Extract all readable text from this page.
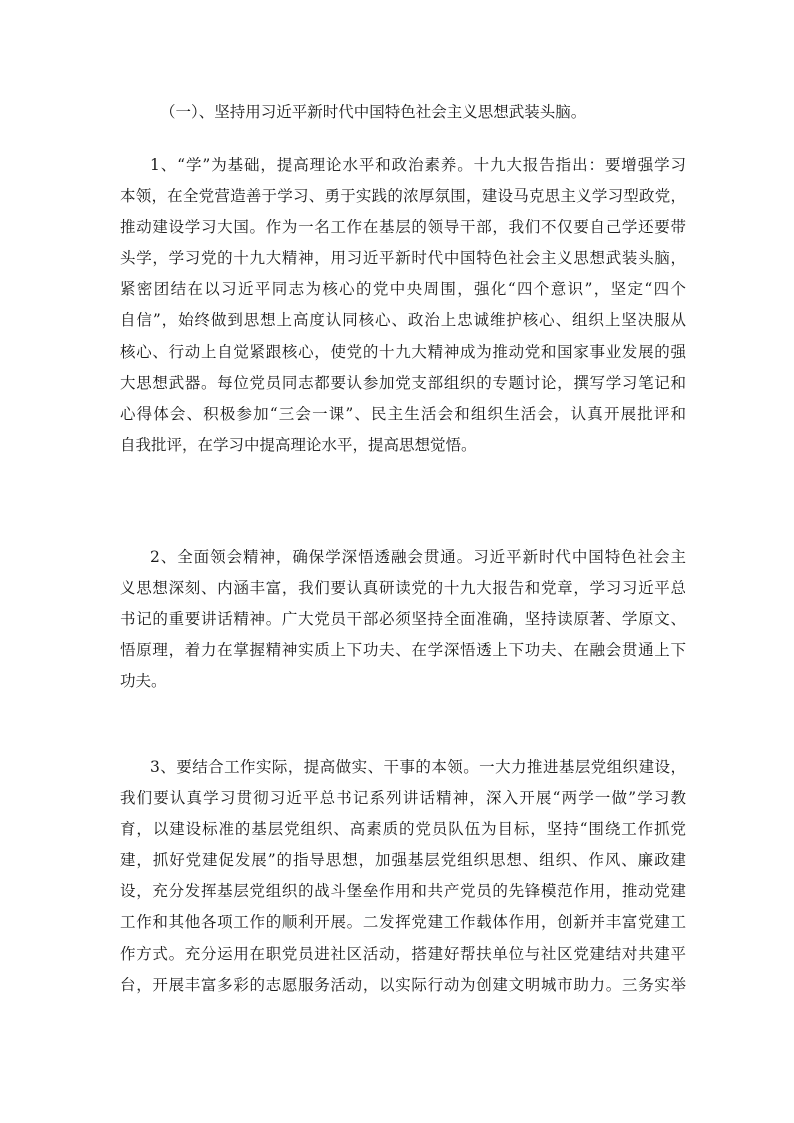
（一）、坚持用习近平新时代中国特色社会主义思想武装头脑。
1、“学”为基础，提高理论水平和政治素养。十九大报告指出：要增强学习
本领，在全党营造善于学习、勇于实践的浓厚氛围，建设马克思主义学习型政党，
推动建设学习大国。作为一名工作在基层的领导干部，我们不仅要自己学还要带
头学，学习党的十九大精神，用习近平新时代中国特色社会主义思想武装头脑，
紧密团结在以习近平同志为核心的党中央周围，强化“四个意识”，坚定“四个
自信”，始终做到思想上高度认同核心、政治上忠诚维护核心、组织上坚决服从
核心、行动上自觉紧跟核心，使党的十九大精神成为推动党和国家事业发展的强
大思想武器。每位党员同志都要认参加党支部组织的专题讨论，撰写学习笔记和
心得体会、积极参加“三会一课”、民主生活会和组织生活会，认真开展批评和
自我批评，在学习中提高理论水平，提高思想觉悟。
2、全面领会精神，确保学深悟透融会贯通。习近平新时代中国特色社会主
义思想深刻、内涵丰富，我们要认真研读党的十九大报告和党章，学习习近平总
书记的重要讲话精神。广大党员干部必须坚持全面准确，坚持读原著、学原文、
悟原理，着力在掌握精神实质上下功夫、在学深悟透上下功夫、在融会贯通上下
功夫。
3、要结合工作实际，提高做实、干事的本领。一大力推进基层党组织建设，
我们要认真学习贯彻习近平总书记系列讲话精神，深入开展“两学一做”学习教
育，以建设标准的基层党组织、高素质的党员队伍为目标，坚持“围绕工作抓党
建，抓好党建促发展”的指导思想，加强基层党组织思想、组织、作风、廉政建
设，充分发挥基层党组织的战斗堡垒作用和共产党员的先锋模范作用，推动党建
工作和其他各项工作的顺利开展。二发挥党建工作载体作用，创新并丰富党建工
作方式。充分运用在职党员进社区活动，搭建好帮扶单位与社区党建结对共建平
台，开展丰富多彩的志愿服务活动，以实际行动为创建文明城市助力。三务实举
